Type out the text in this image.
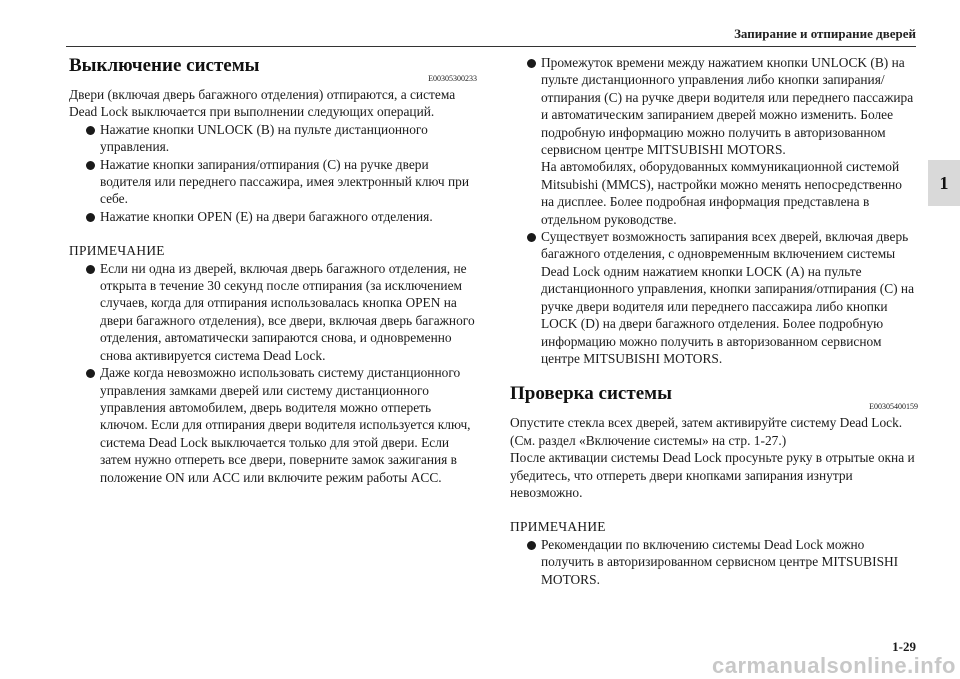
Запирание и отпирание дверей
1
Выключение системы
E00305300233

Двери (включая дверь багажного отделения) отпираются, а система Dead Lock выключается при выполнении следующих операций.

Нажатие кнопки UNLOCK (B) на пульте дистанционного управления.
Нажатие кнопки запирания/отпирания (C) на ручке двери водителя или переднего пассажира, имея электронный ключ при себе.
Нажатие кнопки OPEN (E) на двери багажного отделения.

ПРИМЕЧАНИЕ

Если ни одна из дверей, включая дверь багажного отделения, не открыта в течение 30 секунд после отпирания (за исключением случаев, когда для отпирания использовалась кнопка OPEN на двери багажного отделения), все двери, включая дверь багажного отделения, автоматически запираются снова, и одновременно снова активируется система Dead Lock.
Даже когда невозможно использовать систему дистанционного управления замками дверей или систему дистанционного управления автомобилем, дверь водителя можно отпереть ключом. Если для отпирания двери водителя используется ключ, система Dead Lock выключается только для этой двери. Если затем нужно отпереть все двери, поверните замок зажигания в положение ON или ACC или включите режим работы ACC.
Промежуток времени между нажатием кнопки UNLOCK (B) на пульте дистанционного управления либо кнопки запирания/отпирания (C) на ручке двери водителя или переднего пассажира и автоматическим запиранием дверей можно изменить. Более подробную информацию можно получить в авторизованном сервисном центре MITSUBISHI MOTORS.
На автомобилях, оборудованных коммуникационной системой Mitsubishi (MMCS), настройки можно менять непосредственно на дисплее. Более подробная информация представлена в отдельном руководстве.
Существует возможность запирания всех дверей, включая дверь багажного отделения, с одновременным включением системы Dead Lock одним нажатием кнопки LOCK (A) на пульте дистанционного управления, кнопки запирания/отпирания (C) на ручке двери водителя или переднего пассажира либо кнопки LOCK (D) на двери багажного отделения. Более подробную информацию можно получить в авторизованном сервисном центре MITSUBISHI MOTORS.
Проверка системы
E00305400159

Опустите стекла всех дверей, затем активируйте систему Dead Lock. (См. раздел «Включение системы» на стр. 1-27.)

После активации системы Dead Lock просуньте руку в отрытые окна и убедитесь, что отпереть двери кнопками запирания изнутри невозможно.

ПРИМЕЧАНИЕ

Рекомендации по включению системы Dead Lock можно получить в авторизированном сервисном центре MITSUBISHI MOTORS.
1-29
carmanualsonline.info
